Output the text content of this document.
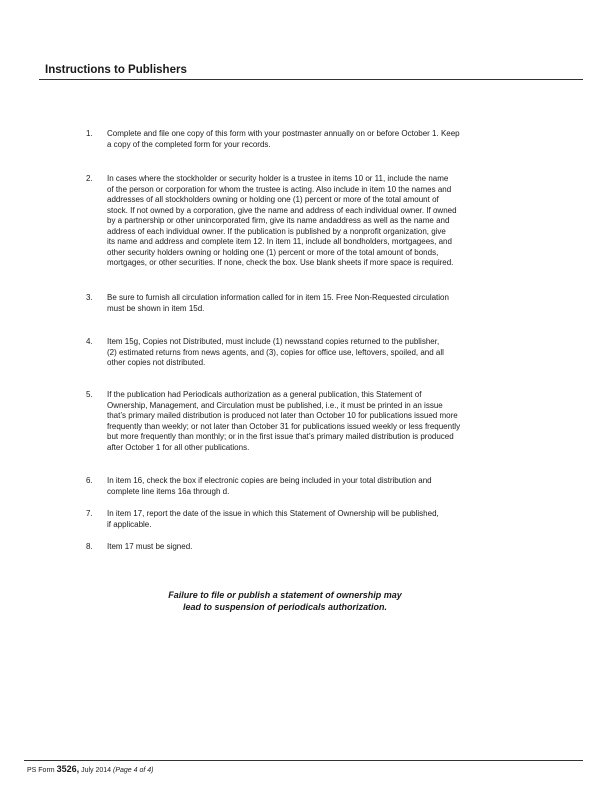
Instructions to Publishers
1.	Complete and file one copy of this form with your postmaster annually on or before October 1. Keep
a copy of the completed form for your records.
2.	In cases where the stockholder or security holder is a trustee in items 10 or 11, include the name
of the person or corporation for whom the trustee is acting. Also include in item 10 the names and
addresses of all stockholders owning or holding one (1) percent or more of the total amount of
stock. If not owned by a corporation, give the name and address of each individual owner. If owned
by a partnership or other unincorporated firm, give its name andaddress as well as the name and
address of each individual owner. If the publication is published by a nonprofit organization, give
its name and address and complete item 12. In item 11, include all bondholders, mortgagees, and
other security holders owning or holding one (1) percent or more of the total amount of bonds,
mortgages, or other securities. If none, check the box. Use blank sheets if more space is required.
3.	Be sure to furnish all circulation information called for in item 15. Free Non-Requested circulation
must be shown in item 15d.
4.	Item 15g, Copies not Distributed, must include (1) newsstand copies returned to the publisher,
(2) estimated returns from news agents, and (3), copies for office use, leftovers, spoiled, and all
other copies not distributed.
5.	If the publication had Periodicals authorization as a general publication, this Statement of
Ownership, Management, and Circulation must be published, i.e., it must be printed in an issue
that’s primary mailed distribution is produced not later than October 10 for publications issued more
frequently than weekly; or not later than October 31 for publications issued weekly or less frequently
but more frequently than monthly; or in the first issue that’s primary mailed distribution is produced
after October 1 for all other publications.
6.	In item 16, check the box if electronic copies are being included in your total distribution and
complete line items 16a through d.
7.	In item 17, report the date of the issue in which this Statement of Ownership will be published,
if applicable.
8.	Item 17 must be signed.
Failure to file or publish a statement of ownership may
lead to suspension of periodicals authorization.
PS Form 3526, July 2014 (Page 4 of 4)
